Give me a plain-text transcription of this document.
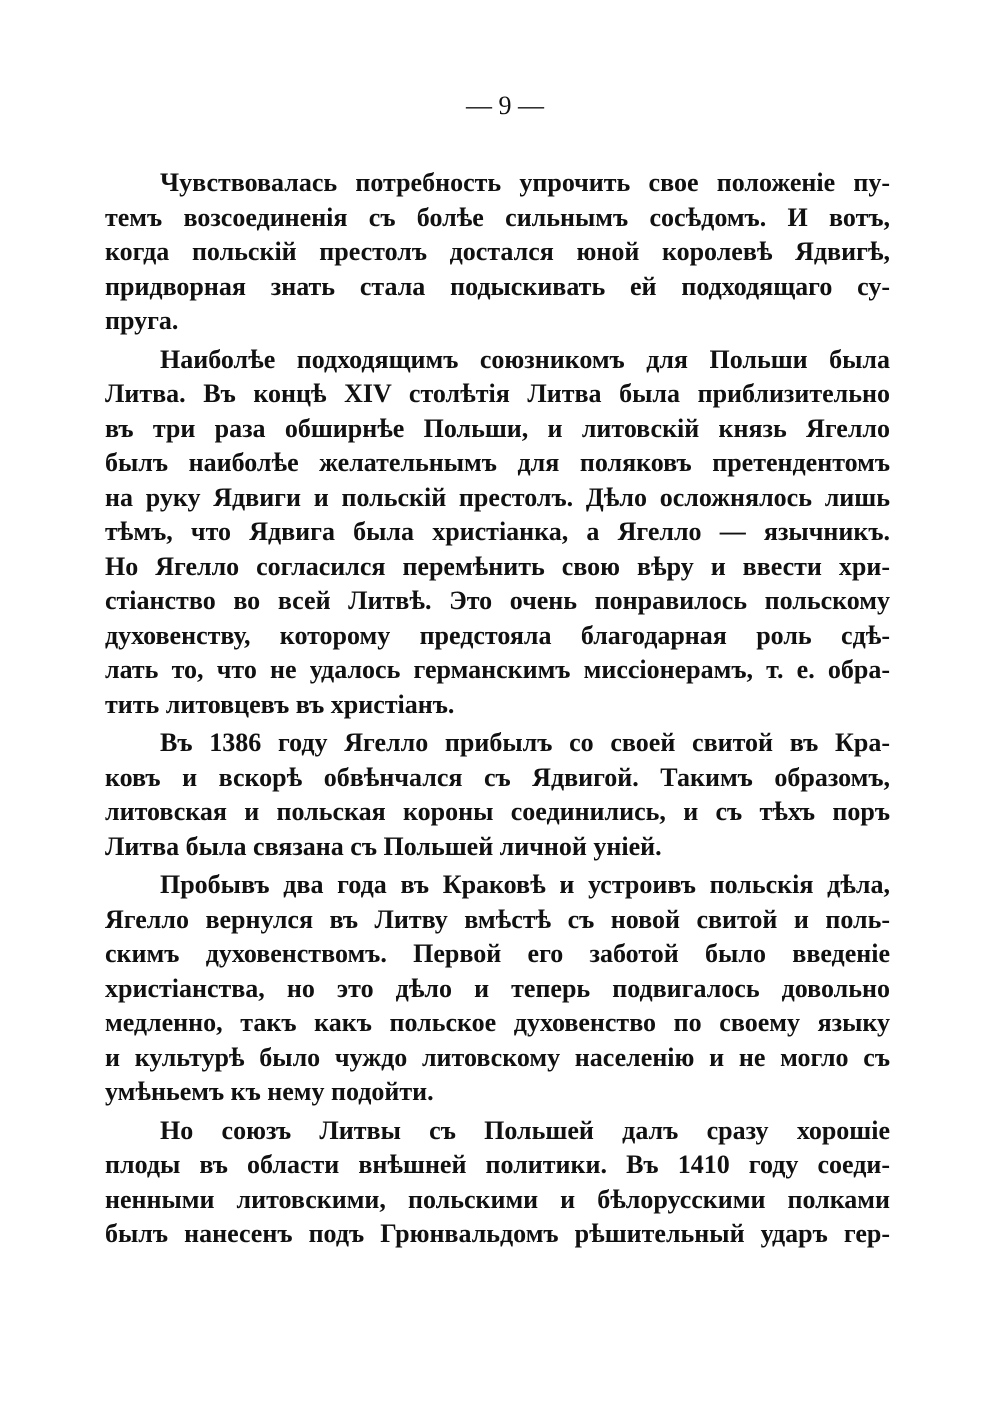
— 9 —
Чувствовалась потребность упрочить свое положеніе пу-
темъ возсоединенія съ болѣе сильнымъ сосѣдомъ. И вотъ,
когда польскій престолъ достался юной королевѣ Ядвигѣ,
придворная знать стала подыскивать ей подходящаго су-
пруга.
Наиболѣе подходящимъ союзникомъ для Польши была
Литва. Въ концѣ XIV столѣтія Литва была приблизительно
въ три раза обширнѣе Польши, и литовскій князь Ягелло
былъ наиболѣе желательнымъ для поляковъ претендентомъ
на руку Ядвиги и польскій престолъ. Дѣло осложнялось лишь
тѣмъ, что Ядвига была христіанка, а Ягелло — язычникъ.
Но Ягелло согласился перемѣнить свою вѣру и ввести хри-
стіанство во всей Литвѣ. Это очень понравилось польскому
духовенству, которому предстояла благодарная роль сдѣ-
лать то, что не удалось германскимъ миссіонерамъ, т. е. обра-
тить литовцевъ въ христіанъ.
Въ 1386 году Ягелло прибылъ со своей свитой въ Кра-
ковъ и вскорѣ обвѣнчался съ Ядвигой. Такимъ образомъ,
литовская и польская короны соединились, и съ тѣхъ поръ
Литва была связана съ Польшей личной уніей.
Пробывъ два года въ Краковѣ и устроивъ польскія дѣла,
Ягелло вернулся въ Литву вмѣстѣ съ новой свитой и поль-
скимъ духовенствомъ. Первой его заботой было введеніе
христіанства, но это дѣло и теперь подвигалось довольно
медленно, такъ какъ польское духовенство по своему языку
и культурѣ было чуждо литовскому населенію и не могло съ
умѣньемъ къ нему подойти.
Но союзъ Литвы съ Польшей далъ сразу хорошіе
плоды въ области внѣшней политики. Въ 1410 году соеди-
ненными литовскими, польскими и бѣлорусскими полками
былъ нанесенъ подъ Грюнвальдомъ рѣшительный ударъ гер-
